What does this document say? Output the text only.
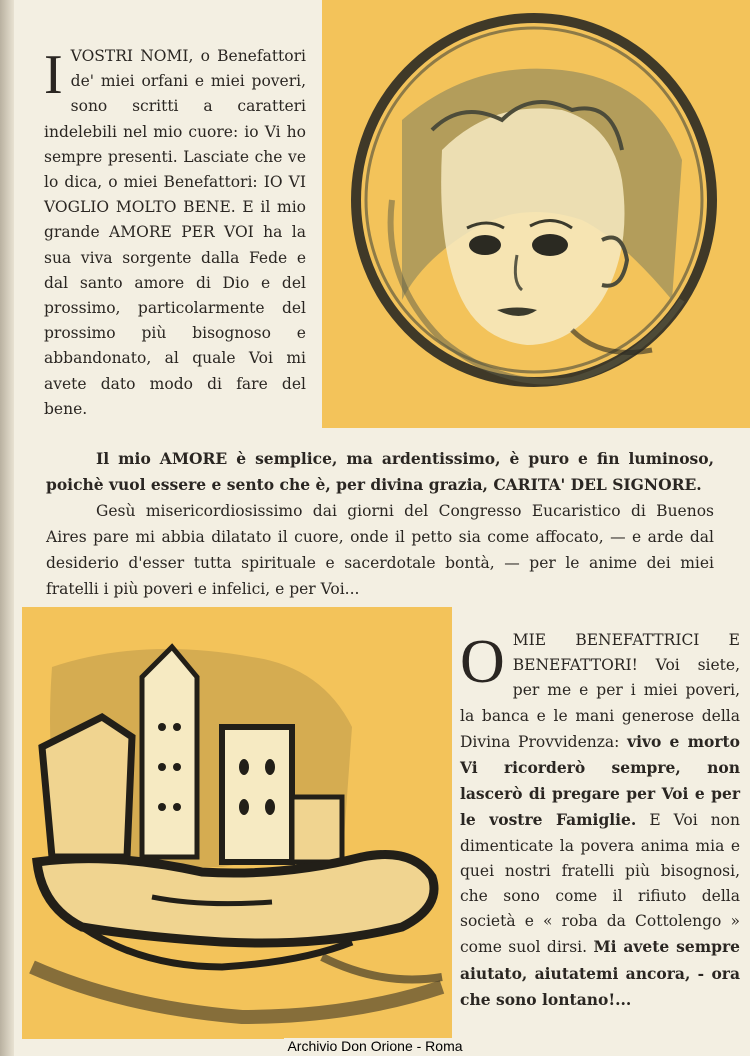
IVOSTRI NOMI, o Benefattori de' miei orfani e miei poveri, sono scritti a caratteri indelebili nel mio cuore: io Vi ho sempre presenti. Lasciate che ve lo dica, o miei Benefattori: IO VI VOGLIO MOLTO BENE. E il mio grande AMORE PER VOI ha la sua viva sorgente dalla Fede e dal santo amore di Dio e del prossimo, particolarmente del prossimo più bisognoso e abbandonato, al quale Voi mi avete dato modo di fare del bene.
Il mio AMORE è semplice, ma ardentissimo, è puro e fin luminoso, poichè vuol essere e sento che è, per divina grazia, CARITA' DEL SIGNORE.
Gesù misericordiosissimo dai giorni del Congresso Eucaristico di Buenos Aires pare mi abbia dilatato il cuore, onde il petto sia come affocato, — e arde dal desiderio d'esser tutta spirituale e sacerdotale bontà, — per le anime dei miei fratelli i più poveri e infelici, e per Voi...
OMIE BENEFATTRICI E BENEFATTORI! Voi siete, per me e per i miei poveri, la banca e le mani generose della Divina Provvidenza: vivo e morto Vi ricorderò sempre, non lascerò di pregare per Voi e per le vostre Famiglie. E Voi non dimenticate la povera anima mia e quei nostri fratelli più bisognosi, che sono come il rifiuto della società e « roba da Cottolengo » come suol dirsi. Mi avete sempre aiutato, aiutatemi ancora, - ora che sono lontano!...
Archivio Don Orione - Roma
